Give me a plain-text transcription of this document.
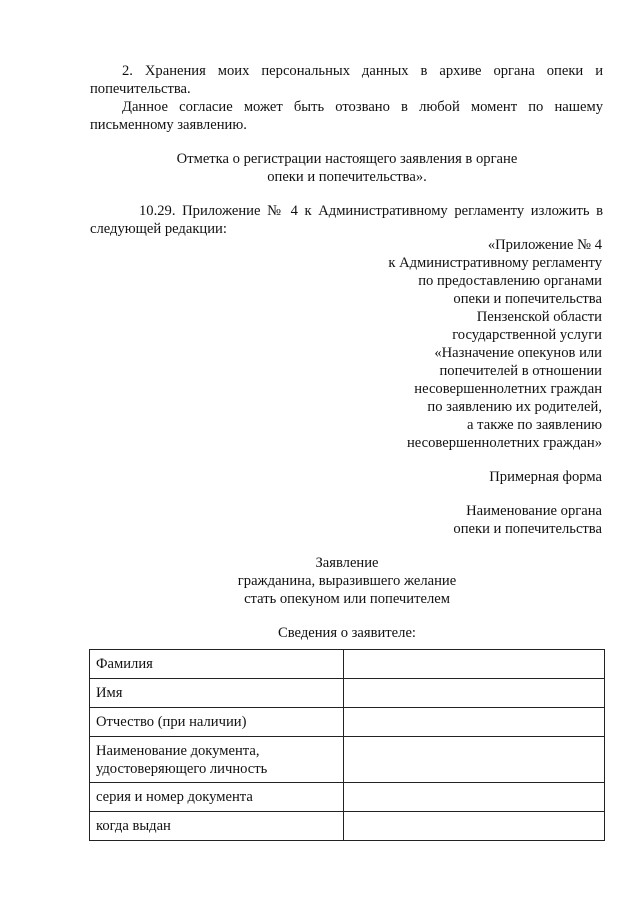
2. Хранения моих персональных данных в архиве органа опеки и
попечительства.
Данное согласие может быть отозвано в любой момент по нашему
письменному заявлению.
Отметка о регистрации настоящего заявления в органе
опеки и попечительства».
10.29. Приложение № 4 к Административному регламенту изложить в
следующей редакции:
«Приложение № 4
к Административному регламенту
по предоставлению органами
опеки и попечительства
Пензенской области
государственной услуги
«Назначение опекунов или
попечителей в отношении
несовершеннолетних граждан
по заявлению их родителей,
а также по заявлению
несовершеннолетних граждан»
Примерная форма
Наименование органа
опеки и попечительства
Заявление
гражданина, выразившего желание
стать опекуном или попечителем
Сведения о заявителе:
Фамилия	
Имя	
Отчество (при наличии)	
Наименование документа,
удостоверяющего личность	
серия и номер документа	
когда выдан	
